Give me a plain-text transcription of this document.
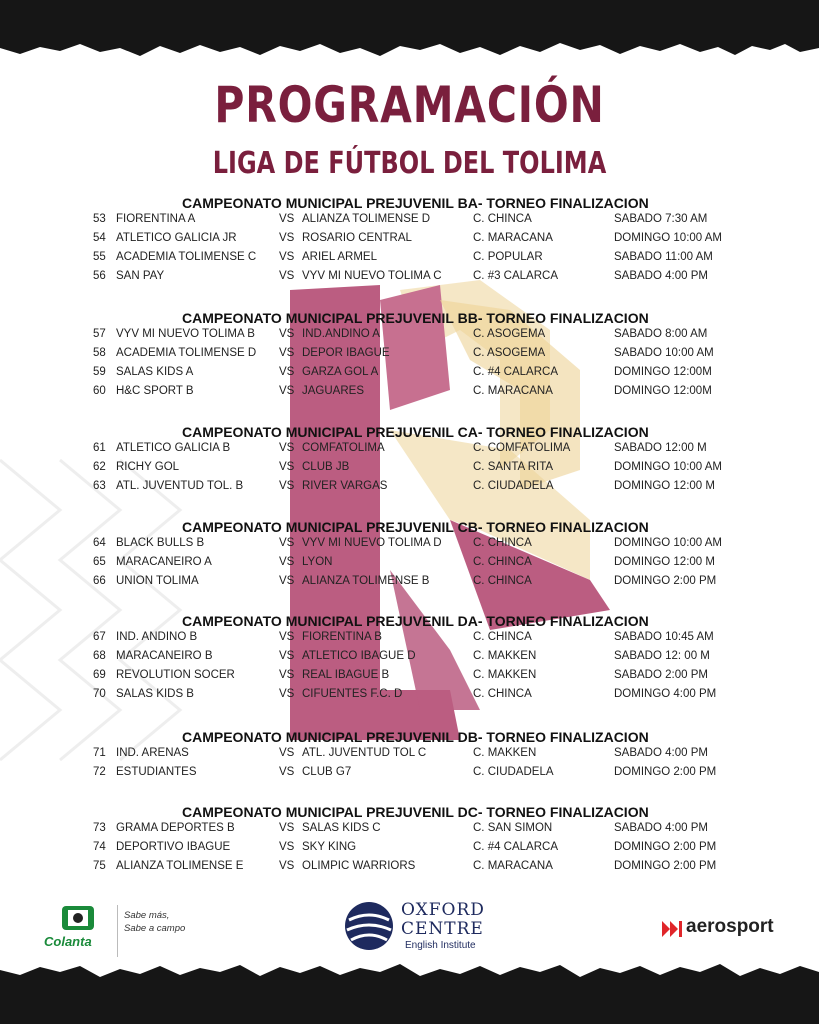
PROGRAMACIÓN
LIGA DE FÚTBOL DEL TOLIMA
CAMPEONATO MUNICIPAL PREJUVENIL BA- TORNEO FINALIZACION
53 FIORENTINA A	VS ALIANZA TOLIMENSE D	C. CHINCA	SABADO 7:30 AM
54 ATLETICO GALICIA JR	VS ROSARIO CENTRAL	C. MARACANA	DOMINGO 10:00 AM
55 ACADEMIA TOLIMENSE C VS ARIEL ARMEL	C. POPULAR	SABADO 11:00 AM
56 SAN PAY	VS VYV MI NUEVO TOLIMA C	C. #3 CALARCA	SABADO 4:00 PM
CAMPEONATO MUNICIPAL PREJUVENIL BB- TORNEO FINALIZACION
57 VYV MI NUEVO TOLIMA B VS IND.ANDINO A	C. ASOGEMA	SABADO 8:00 AM
58 ACADEMIA TOLIMENSE D VS DEPOR IBAGUE	C. ASOGEMA	SABADO 10:00 AM
59 SALAS KIDS A	VS GARZA GOL A	C. #4 CALARCA	DOMINGO 12:00M
60 H&C SPORT B	VS JAGUARES	C. MARACANA	DOMINGO 12:00M
CAMPEONATO MUNICIPAL PREJUVENIL CA- TORNEO FINALIZACION
61 ATLETICO GALICIA B	VS COMFATOLIMA	C. COMFATOLIMA	SABADO 12:00 M
62 RICHY GOL	VS CLUB JB	C. SANTA RITA	DOMINGO 10:00 AM
63 ATL. JUVENTUD TOL. B	VS RIVER VARGAS	C. CIUDADELA	DOMINGO 12:00 M
CAMPEONATO MUNICIPAL PREJUVENIL CB- TORNEO FINALIZACION
64 BLACK BULLS B	VS VYV MI NUEVO TOLIMA D	C. CHINCA	DOMINGO 10:00 AM
65 MARACANEIRO A	VS LYON	C. CHINCA	DOMINGO 12:00 M
66 UNION TOLIMA	VS ALIANZA TOLIMENSE B	C. CHINCA	DOMINGO 2:00 PM
CAMPEONATO MUNICIPAL PREJUVENIL DA- TORNEO FINALIZACION
67 IND. ANDINO B	VS FIORENTINA B	C. CHINCA	SABADO 10:45 AM
68 MARACANEIRO B	VS ATLETICO IBAGUE D	C. MAKKEN	SABADO 12: 00 M
69 REVOLUTION SOCER	VS REAL IBAGUE B	C. MAKKEN	SABADO 2:00 PM
70 SALAS KIDS B	VS CIFUENTES F.C. D	C. CHINCA	DOMINGO 4:00 PM
CAMPEONATO MUNICIPAL PREJUVENIL DB- TORNEO FINALIZACION
71 IND. ARENAS	VS ATL. JUVENTUD TOL C	C. MAKKEN	SABADO 4:00 PM
72 ESTUDIANTES	VS CLUB G7	C. CIUDADELA	DOMINGO 2:00 PM
CAMPEONATO MUNICIPAL PREJUVENIL DC- TORNEO FINALIZACION
73 GRAMA DEPORTES B	VS SALAS KIDS C	C. SAN SIMON	SABADO 4:00 PM
74 DEPORTIVO IBAGUE	VS SKY KING	C. #4 CALARCA	DOMINGO 2:00 PM
75 ALIANZA TOLIMENSE E	VS OLIMPIC WARRIORS	C. MARACANA	DOMINGO 2:00 PM
Colanta
Sabe más,
Sabe a campo
OXFORD
CENTRE
English Institute
aerosport
